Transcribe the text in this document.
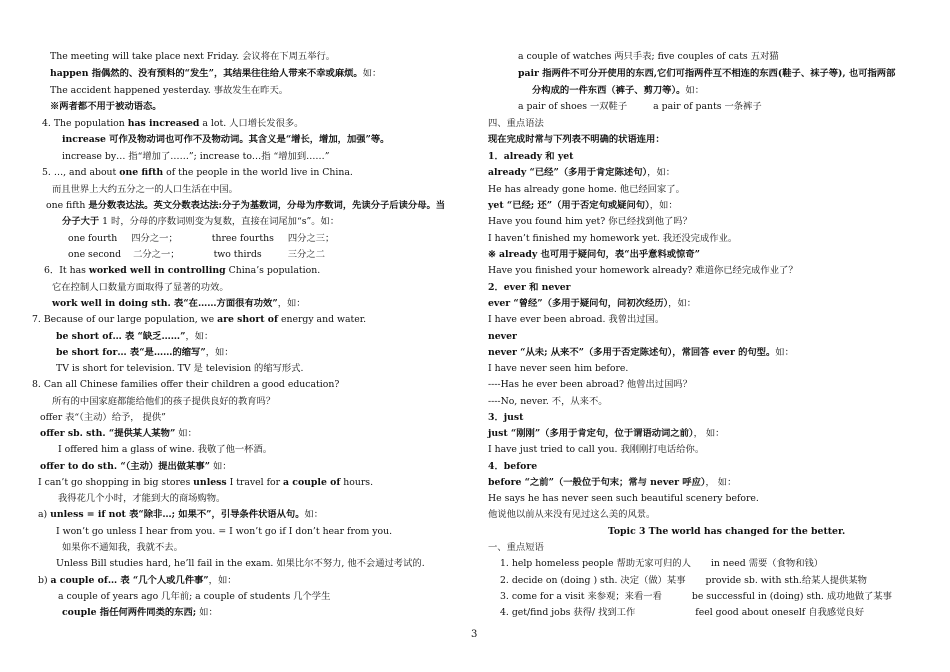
The meeting will take place next Friday. 会议将在下周五举行。
happen 指偶然的、没有预料的“发生”，其结果往往给人带来不幸或麻烦。如：
The accident happened yesterday. 事故发生在昨天。
※两者都不用于被动语态。
4. The population has increased a lot. 人口增长发很多。
increase 可作及物动词也可作不及物动词。其含义是“增长，增加，加强”等。
increase by… 指“增加了……”; increase to…指 “增加到……”
5. …, and about one fifth of the people in the world live in China.
而且世界上大约五分之一的人口生活在中国。
one fifth 是分数表达法。英文分数表达法:分子为基数词，分母为序数词，先读分子后读分母。当
分子大于 1 时，分母的序数词则变为复数，直接在词尾加“s”。如：
one fourth 四分之一；	three fourths 四分之三；
one second 二分之一；	two thirds	三分之二
6．It has worked well in controlling China’s population.
它在控制人口数量方面取得了显著的功效。
work well in doing sth. 表“在……方面很有功效”，如：
7. Because of our large population, we are short of energy and water.
be short of… 表 “缺乏……”，如：
be short for… 表“是……的缩写”，如：
TV is short for television. TV 是 television 的缩写形式.
8. Can all Chinese families offer their children a good education?
所有的中国家庭都能给他们的孩子提供良好的教育吗？
offer 表“（主动）给予， 提供”
offer sb. sth. “提供某人某物” 如：
I offered him a glass of wine. 我敬了他一杯酒。
offer to do sth. “（主动）提出做某事” 如：
I can’t go shopping in big stores unless I travel for a couple of hours.
我得花几个小时，才能到大的商场购物。
a) unless = if not 表“除非…; 如果不”，引导条件状语从句。如：
I won’t go unless I hear from you. = I won’t go if I don’t hear from you.
如果你不通知我，我就不去。
Unless Bill studies hard, he’ll fail in the exam. 如果比尔不努力, 他不会通过考试的.
b) a couple of… 表 “几个人或几件事”，如：
a couple of years ago 几年前; a couple of students 几个学生
couple 指任何两件同类的东西; 如：
a couple of watches 两只手表; five couples of cats 五对猫
pair 指两件不可分开使用的东西,它们可指两件互不相连的东西(鞋子、袜子等), 也可指两部
分构成的一件东西（裤子、剪刀等）。如：
a pair of shoes 一双鞋子	a pair of pants 一条裤子
四、重点语法
现在完成时常与下列表不明确的状语连用：
1．already 和 yet
already “已经”（多用于肯定陈述句），如：
He has already gone home. 他已经回家了。
yet “已经; 还”（用于否定句或疑问句），如：
Have you found him yet? 你已经找到他了吗？
I haven’t finished my homework yet. 我还没完成作业。
※ already 也可用于疑问句，表“出乎意料或惊奇”
Have you finished your homework already? 难道你已经完成作业了？
2．ever 和 never
ever “曾经”（多用于疑问句，问初次经历），如：
I have ever been abroad. 我曾出过国。
never
never “从未; 从来不”（多用于否定陈述句），常回答 ever 的句型。如：
I have never seen him before.
----Has he ever been abroad? 他曾出过国吗？
----No, never. 不，从来不。
3．just
just “刚刚”（多用于肯定句，位于谓语动词之前）， 如：
I have just tried to call you. 我刚刚打电话给你。
4．before
before “之前”（一般位于句末；常与 never 呼应）， 如：
He says he has never seen such beautiful scenery before.
他说他以前从来没有见过这么美的风景。
Topic 3 The world has changed for the better.
一、重点短语
1. help homeless people 帮助无家可归的人 in need 需要（食物和钱）
2. decide on (doing ) sth. 决定（做）某事 provide sb. with sth.给某人提供某物
3. come for a visit 来参观；来看一看	be successful in (doing) sth. 成功地做了某事
4. get/find jobs 获得/ 找到工作	feel good about oneself 自我感觉良好
3
